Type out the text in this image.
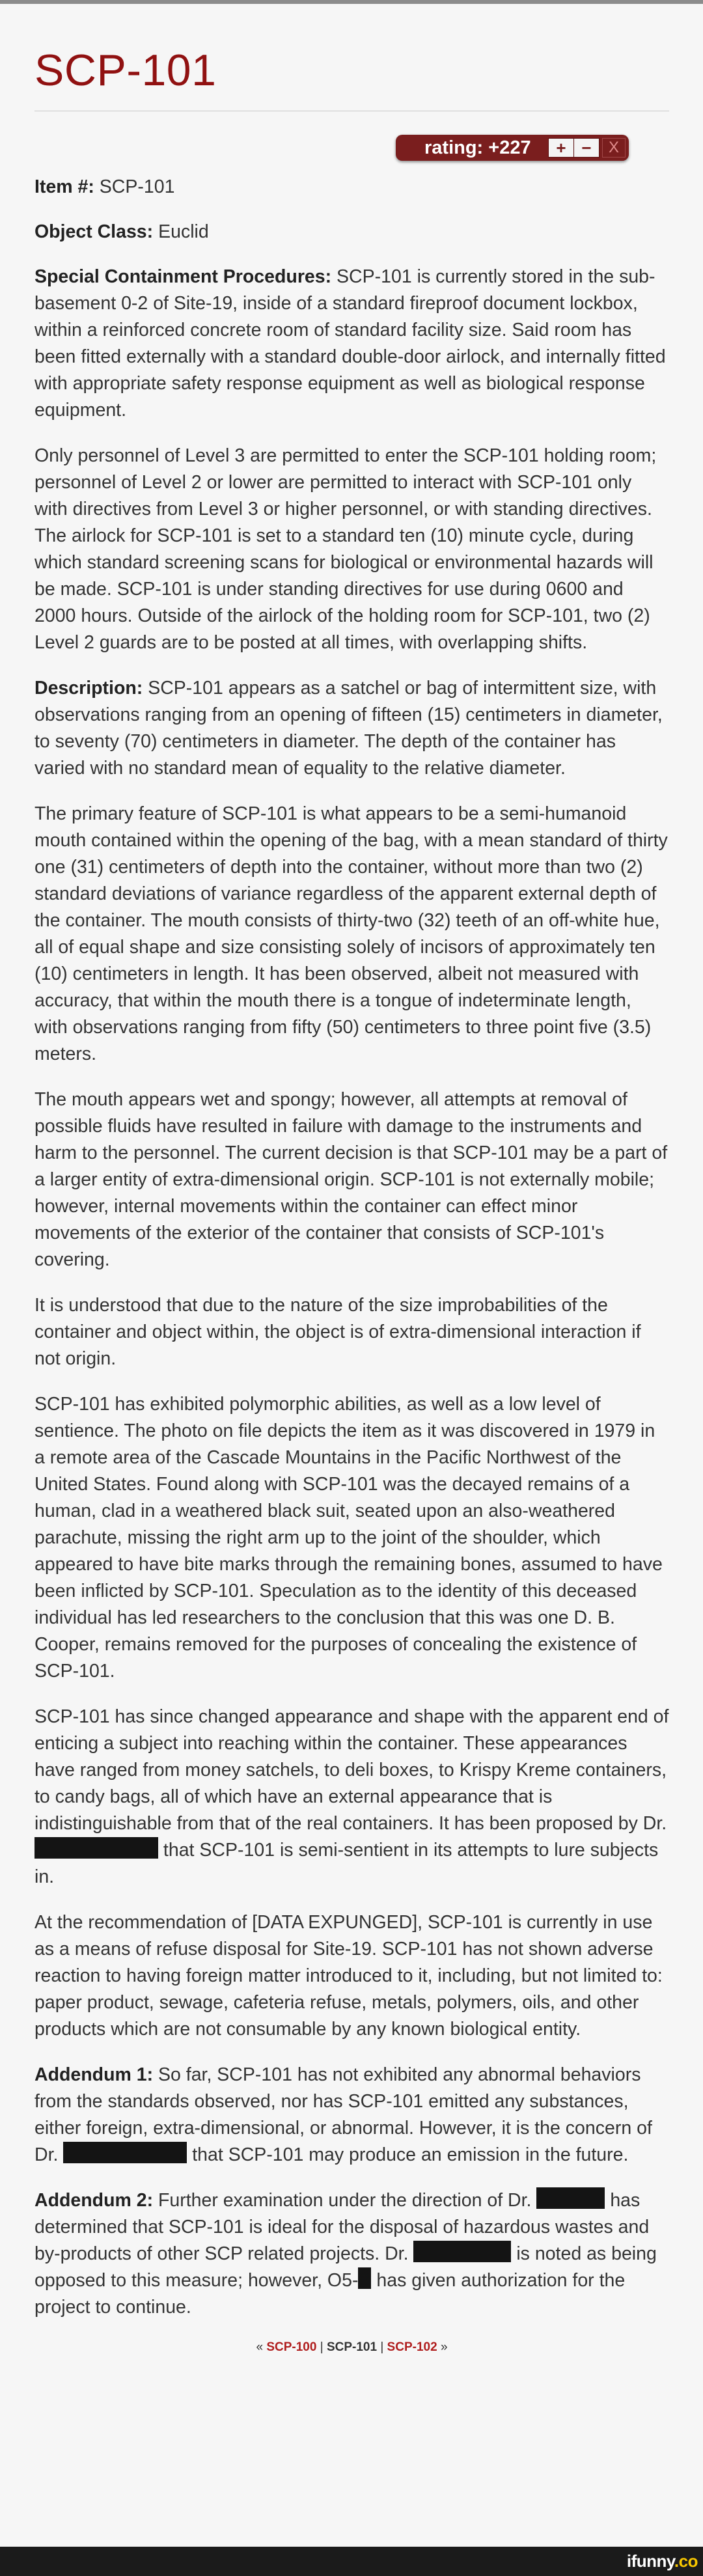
SCP-101
rating: +227	+ −	X

Item #: SCP-101

Object Class: Euclid

Special Containment Procedures: SCP-101 is currently stored in the sub-basement 0-2 of Site-19, inside of a standard fireproof document lockbox, within a reinforced concrete room of standard facility size. Said room has been fitted externally with a standard double-door airlock, and internally fitted with appropriate safety response equipment as well as biological response equipment.

Only personnel of Level 3 are permitted to enter the SCP-101 holding room; personnel of Level 2 or lower are permitted to interact with SCP-101 only with directives from Level 3 or higher personnel, or with standing directives. The airlock for SCP-101 is set to a standard ten (10) minute cycle, during which standard screening scans for biological or environmental hazards will be made. SCP-101 is under standing directives for use during 0600 and 2000 hours. Outside of the airlock of the holding room for SCP-101, two (2) Level 2 guards are to be posted at all times, with overlapping shifts.

Description: SCP-101 appears as a satchel or bag of intermittent size, with observations ranging from an opening of fifteen (15) centimeters in diameter, to seventy (70) centimeters in diameter. The depth of the container has varied with no standard mean of equality to the relative diameter.

The primary feature of SCP-101 is what appears to be a semi-humanoid mouth contained within the opening of the bag, with a mean standard of thirty one (31) centimeters of depth into the container, without more than two (2) standard deviations of variance regardless of the apparent external depth of the container. The mouth consists of thirty-two (32) teeth of an off-white hue, all of equal shape and size consisting solely of incisors of approximately ten (10) centimeters in length. It has been observed, albeit not measured with accuracy, that within the mouth there is a tongue of indeterminate length, with observations ranging from fifty (50) centimeters to three point five (3.5) meters.

The mouth appears wet and spongy; however, all attempts at removal of possible fluids have resulted in failure with damage to the instruments and harm to the personnel. The current decision is that SCP-101 may be a part of a larger entity of extra-dimensional origin. SCP-101 is not externally mobile; however, internal movements within the container can effect minor movements of the exterior of the container that consists of SCP-101's covering.

It is understood that due to the nature of the size improbabilities of the container and object within, the object is of extra-dimensional interaction if not origin.

SCP-101 has exhibited polymorphic abilities, as well as a low level of sentience. The photo on file depicts the item as it was discovered in 1979 in a remote area of the Cascade Mountains in the Pacific Northwest of the United States. Found along with SCP-101 was the decayed remains of a human, clad in a weathered black suit, seated upon an also-weathered parachute, missing the right arm up to the joint of the shoulder, which appeared to have bite marks through the remaining bones, assumed to have been inflicted by SCP-101. Speculation as to the identity of this deceased individual has led researchers to the conclusion that this was one D. B. Cooper, remains removed for the purposes of concealing the existence of SCP-101.

SCP-101 has since changed appearance and shape with the apparent end of enticing a subject into reaching within the container. These appearances have ranged from money satchels, to deli boxes, to Krispy Kreme containers, to candy bags, all of which have an external appearance that is indistinguishable from that of the real containers. It has been proposed by Dr.  that SCP-101 is semi-sentient in its attempts to lure subjects in.

At the recommendation of [DATA EXPUNGED], SCP-101 is currently in use as a means of refuse disposal for Site-19. SCP-101 has not shown adverse reaction to having foreign matter introduced to it, including, but not limited to: paper product, sewage, cafeteria refuse, metals, polymers, oils, and other products which are not consumable by any known biological entity.

Addendum 1: So far, SCP-101 has not exhibited any abnormal behaviors from the standards observed, nor has SCP-101 emitted any substances, either foreign, extra-dimensional, or abnormal. However, it is the concern of Dr.	that SCP-101 may produce an emission in the future.

Addendum 2: Further examination under the direction of Dr.	has determined that SCP-101 is ideal for the disposal of hazardous wastes and by-products of other SCP related projects. Dr.	is noted as being opposed to this measure; however, O5- has given authorization for the project to continue.

« SCP-100 | SCP-101 | SCP-102 »
ifunny.co
